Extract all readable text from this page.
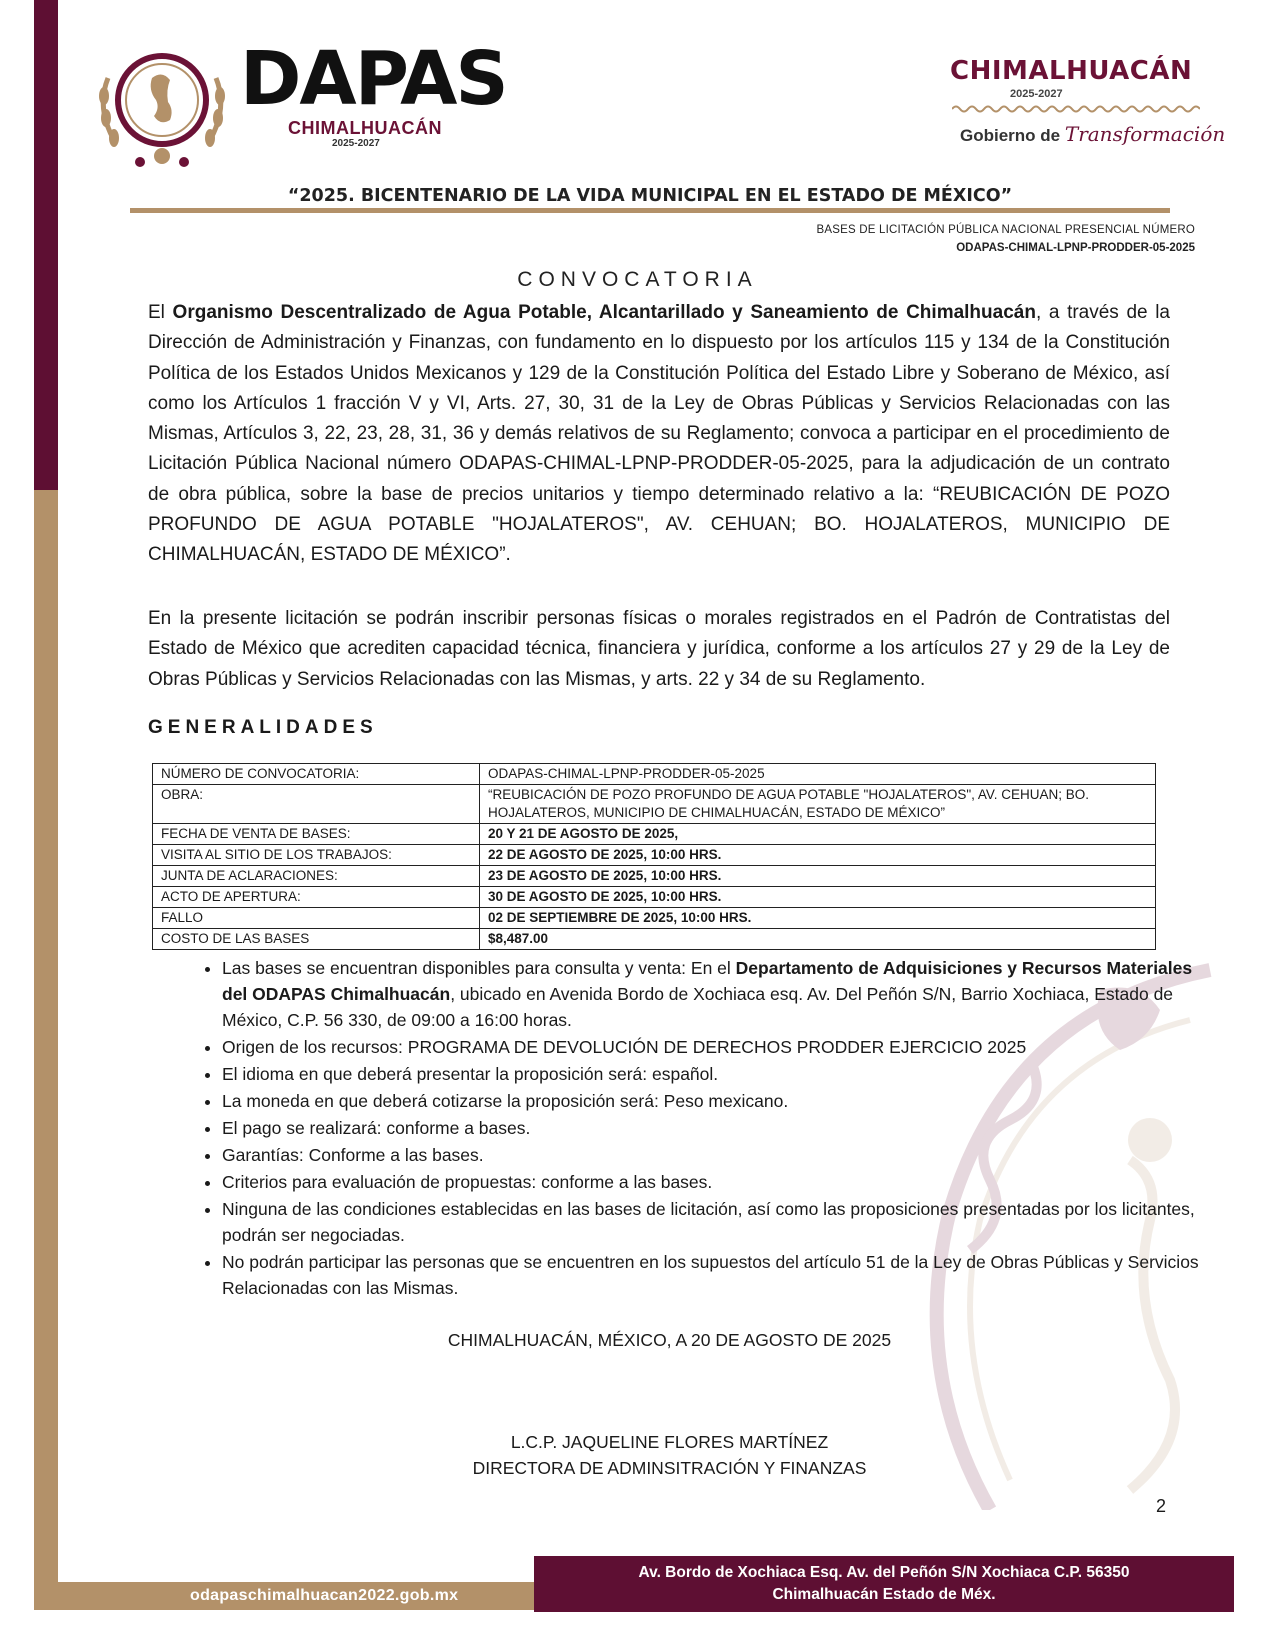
DAPAS
CHIMALHUACÁN
2025-2027
CHIMALHUACÁN
2025-2027
Gobierno de Transformación
“2025. BICENTENARIO DE LA VIDA MUNICIPAL EN EL ESTADO DE MÉXICO”
BASES DE LICITACIÓN PÚBLICA NACIONAL PRESENCIAL NÚMERO
ODAPAS-CHIMAL-LPNP-PRODDER-05-2025
CONVOCATORIA
El Organismo Descentralizado de Agua Potable, Alcantarillado y Saneamiento de Chimalhuacán, a través de la Dirección de Administración y Finanzas, con fundamento en lo dispuesto por los artículos 115 y 134 de la Constitución Política de los Estados Unidos Mexicanos y 129 de la Constitución Política del Estado Libre y Soberano de México, así como los Artículos 1 fracción V y VI, Arts. 27, 30, 31 de la Ley de Obras Públicas y Servicios Relacionadas con las Mismas, Artículos 3, 22, 23, 28, 31, 36 y demás relativos de su Reglamento; convoca a participar en el procedimiento de Licitación Pública Nacional número ODAPAS-CHIMAL-LPNP-PRODDER-05-2025, para la adjudicación de un contrato de obra pública, sobre la base de precios unitarios y tiempo determinado relativo a la: “REUBICACIÓN DE POZO PROFUNDO DE AGUA POTABLE "HOJALATEROS", AV. CEHUAN; BO. HOJALATEROS, MUNICIPIO DE CHIMALHUACÁN, ESTADO DE MÉXICO”.
En la presente licitación se podrán inscribir personas físicas o morales registrados en el Padrón de Contratistas del Estado de México que acrediten capacidad técnica, financiera y jurídica, conforme a los artículos 27 y 29 de la Ley de Obras Públicas y Servicios Relacionadas con las Mismas, y arts. 22 y 34 de su Reglamento.
GENERALIDADES
NÚMERO DE CONVOCATORIA:	ODAPAS-CHIMAL-LPNP-PRODDER-05-2025
OBRA:	“REUBICACIÓN DE POZO PROFUNDO DE AGUA POTABLE "HOJALATEROS", AV. CEHUAN; BO. HOJALATEROS, MUNICIPIO DE CHIMALHUACÁN, ESTADO DE MÉXICO”
FECHA DE VENTA DE BASES:	20 Y 21 DE AGOSTO DE 2025,
VISITA AL SITIO DE LOS TRABAJOS:	22 DE AGOSTO DE 2025, 10:00 HRS.
JUNTA DE ACLARACIONES:	23 DE AGOSTO DE 2025, 10:00 HRS.
ACTO DE APERTURA:	30 DE AGOSTO DE 2025, 10:00 HRS.
FALLO	02 DE SEPTIEMBRE DE 2025, 10:00 HRS.
COSTO DE LAS BASES	$8,487.00
• Las bases se encuentran disponibles para consulta y venta: En el Departamento de Adquisiciones y Recursos Materiales del ODAPAS Chimalhuacán, ubicado en Avenida Bordo de Xochiaca esq. Av. Del Peñón S/N, Barrio Xochiaca, Estado de México, C.P. 56 330, de 09:00 a 16:00 horas.
• Origen de los recursos: PROGRAMA DE DEVOLUCIÓN DE DERECHOS PRODDER EJERCICIO 2025
• El idioma en que deberá presentar la proposición será: español.
• La moneda en que deberá cotizarse la proposición será: Peso mexicano.
• El pago se realizará: conforme a bases.
• Garantías: Conforme a las bases.
• Criterios para evaluación de propuestas: conforme a las bases.
• Ninguna de las condiciones establecidas en las bases de licitación, así como las proposiciones presentadas por los licitantes, podrán ser negociadas.
• No podrán participar las personas que se encuentren en los supuestos del artículo 51 de la Ley de Obras Públicas y Servicios Relacionadas con las Mismas.
CHIMALHUACÁN, MÉXICO, A 20 DE AGOSTO DE 2025
L.C.P. JAQUELINE FLORES MARTÍNEZ
DIRECTORA DE ADMINSITRACIÓN Y FINANZAS
2
odapaschimalhuacan2022.gob.mx
Av. Bordo de Xochiaca Esq. Av. del Peñón S/N Xochiaca C.P. 56350
Chimalhuacán Estado de Méx.
